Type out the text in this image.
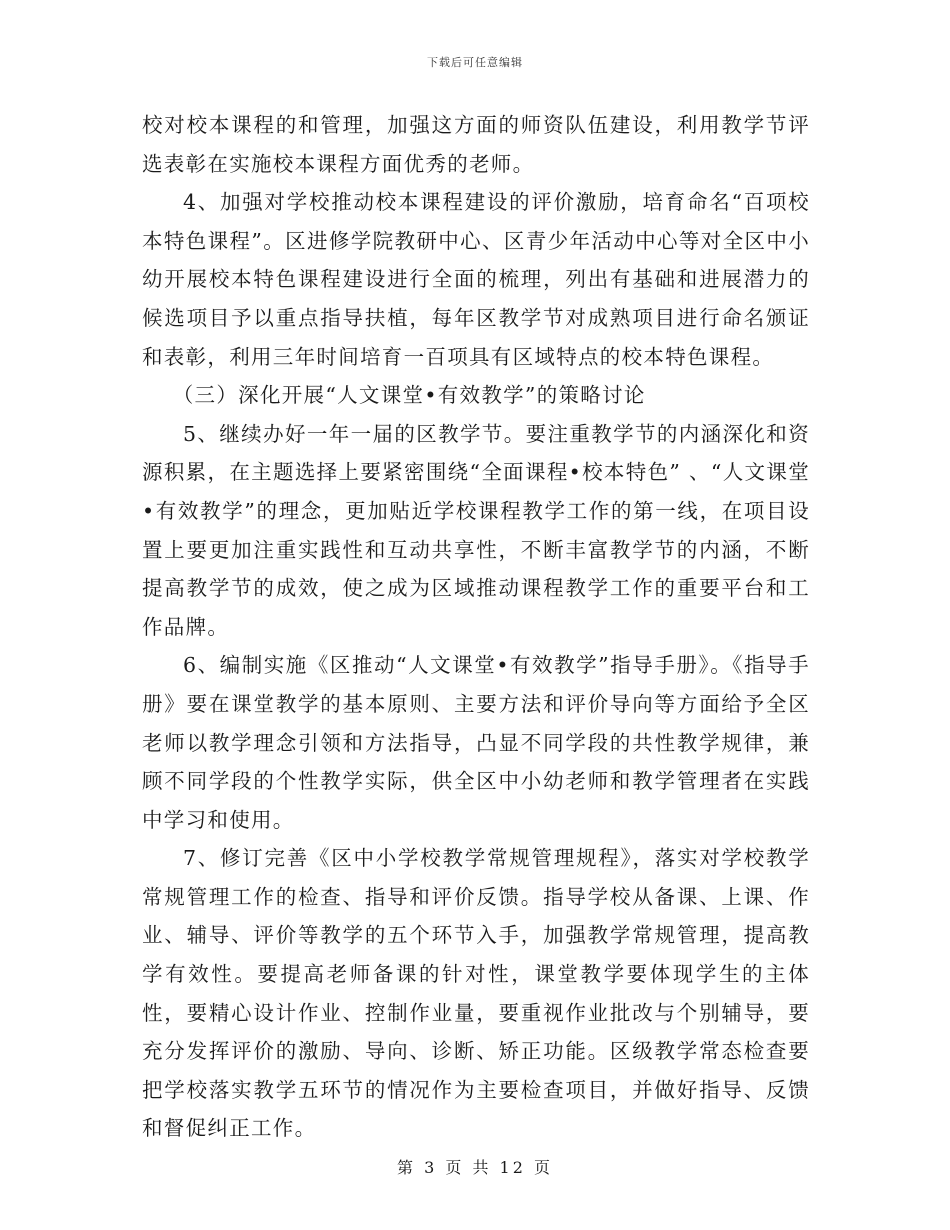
下载后可任意编辑

校对校本课程的和管理，加强这方面的师资队伍建设，利用教学节评选表彰在实施校本课程方面优秀的老师。

4、加强对学校推动校本课程建设的评价激励，培育命名“百项校本特色课程”。区进修学院教研中心、区青少年活动中心等对全区中小幼开展校本特色课程建设进行全面的梳理，列出有基础和进展潜力的候选项目予以重点指导扶植，每年区教学节对成熟项目进行命名颁证和表彰，利用三年时间培育一百项具有区域特点的校本特色课程。

（三）深化开展“人文课堂•有效教学”的策略讨论

5、继续办好一年一届的区教学节。要注重教学节的内涵深化和资源积累，在主题选择上要紧密围绕“全面课程•校本特色” 、“人文课堂•有效教学”的理念，更加贴近学校课程教学工作的第一线，在项目设置上要更加注重实践性和互动共享性，不断丰富教学节的内涵，不断提高教学节的成效，使之成为区域推动课程教学工作的重要平台和工作品牌。

6、编制实施《区推动“人文课堂•有效教学”指导手册》。《指导手册》要在课堂教学的基本原则、主要方法和评价导向等方面给予全区老师以教学理念引领和方法指导，凸显不同学段的共性教学规律，兼顾不同学段的个性教学实际，供全区中小幼老师和教学管理者在实践中学习和使用。

7、修订完善《区中小学校教学常规管理规程》，落实对学校教学常规管理工作的检查、指导和评价反馈。指导学校从备课、上课、作业、辅导、评价等教学的五个环节入手，加强教学常规管理，提高教学有效性。要提高老师备课的针对性，课堂教学要体现学生的主体性，要精心设计作业、控制作业量，要重视作业批改与个别辅导，要充分发挥评价的激励、导向、诊断、矫正功能。区级教学常态检查要把学校落实教学五环节的情况作为主要检查项目，并做好指导、反馈和督促纠正工作。

第 3 页 共 12 页
